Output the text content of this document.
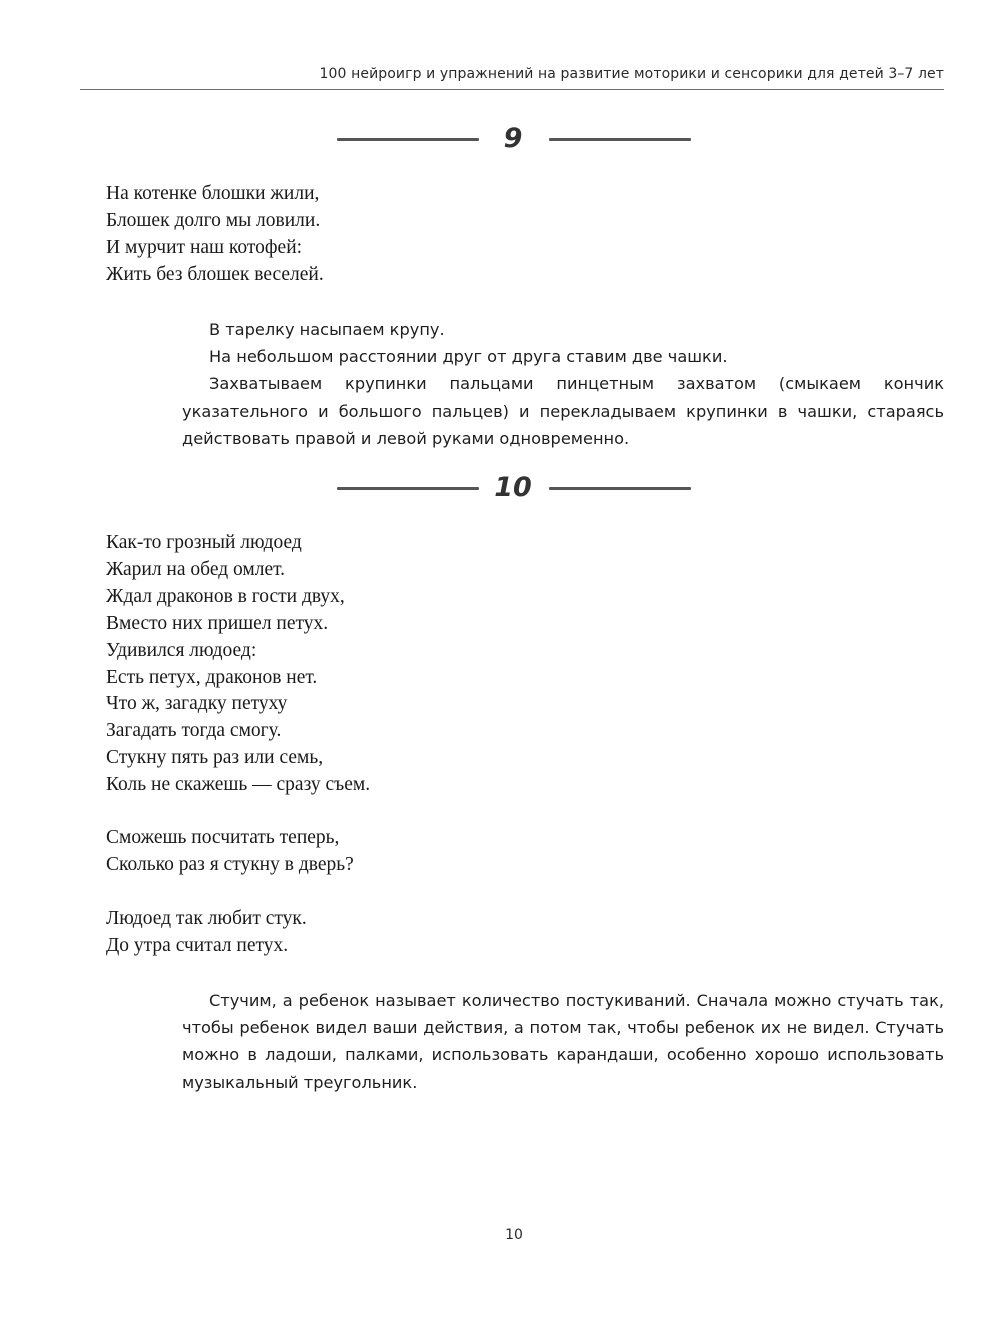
100 нейроигр и упражнений на развитие моторики и сенсорики для детей 3–7 лет
9
На котенке блошки жили,
Блошек долго мы ловили.
И мурчит наш котофей:
Жить без блошек веселей.

В тарелку насыпаем крупу.

На небольшом расстоянии друг от друга ставим две чашки.

Захватываем крупинки пальцами пинцетным захватом (смыкаем кончик указательного и большого пальцев) и перекладываем крупинки в чашки, стараясь действовать правой и левой руками одновременно.

10
Как-то грозный людоед
Жарил на обед омлет.
Ждал драконов в гости двух,
Вместо них пришел петух.
Удивился людоед:
Есть петух, драконов нет.
Что ж, загадку петуху
Загадать тогда смогу.
Стукну пять раз или семь,
Коль не скажешь — сразу съем.
Сможешь посчитать теперь,
Сколько раз я стукну в дверь?
Людоед так любит стук.
До утра считал петух.

Стучим, а ребенок называет количество постукиваний. Сначала можно стучать так, чтобы ребенок видел ваши действия, а потом так, чтобы ребенок их не видел. Стучать можно в ладоши, палками, использовать карандаши, особенно хорошо использовать музыкальный треугольник.

10
